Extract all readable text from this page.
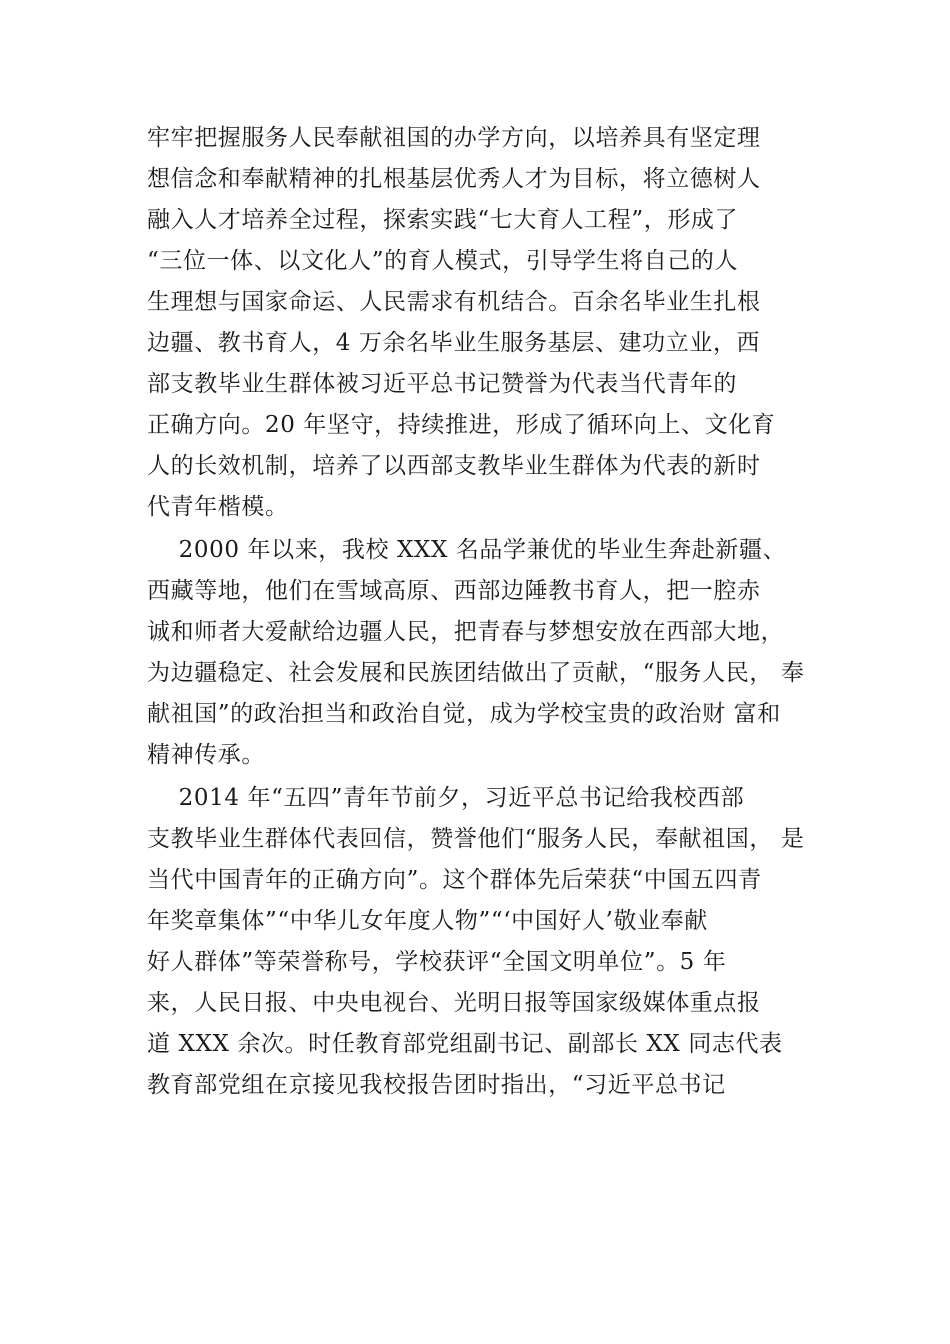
牢牢把握服务人民奉献祖国的办学方向，以培养具有坚定理
想信念和奉献精神的扎根基层优秀人才为目标，将立德树人
融入人才培养全过程，探索实践“七大育人工程”，形成了
“三位一体、以文化人”的育人模式，引导学生将自己的人
生理想与国家命运、人民需求有机结合。百余名毕业生扎根
边疆、教书育人，4 万余名毕业生服务基层、建功立业，西
部支教毕业生群体被习近平总书记赞誉为代表当代青年的
正确方向。20 年坚守，持续推进，形成了循环向上、文化育
人的长效机制，培养了以西部支教毕业生群体为代表的新时
代青年楷模。
2000 年以来，我校 XXX 名品学兼优的毕业生奔赴新疆、
西藏等地，他们在雪域高原、西部边陲教书育人，把一腔赤
诚和师者大爱献给边疆人民，把青春与梦想安放在西部大地，
为边疆稳定、社会发展和民族团结做出了贡献，“服务人民， 奉
献祖国”的政治担当和政治自觉，成为学校宝贵的政治财 富和
精神传承。
2014 年“五四”青年节前夕，习近平总书记给我校西部
支教毕业生群体代表回信，赞誉他们“服务人民，奉献祖国， 是
当代中国青年的正确方向”。这个群体先后荣获“中国五四青
年奖章集体”“中华儿女年度人物”“‘中国好人’敬业奉献
好人群体”等荣誉称号，学校获评“全国文明单位”。5 年
来，人民日报、中央电视台、光明日报等国家级媒体重点报
道 XXX 余次。时任教育部党组副书记、副部长 XX 同志代表
教育部党组在京接见我校报告团时指出，“习近平总书记
